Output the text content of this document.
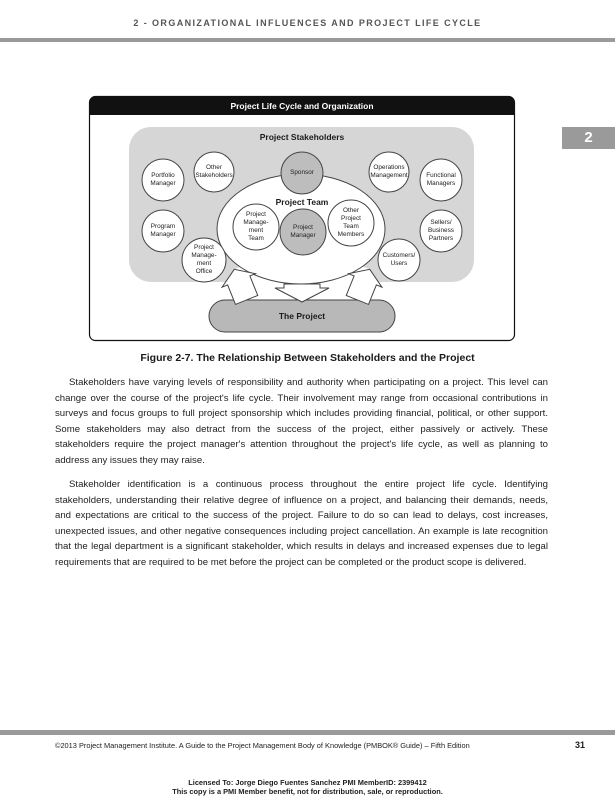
2 - ORGANIZATIONAL INFLUENCES AND PROJECT LIFE CYCLE
2
Project Life Cycle and Organization
Project Stakeholders
Project Team
The Project
Portfolio
Manager
Other
Stakeholders	Sponsor
Operations
Management	Functional
Managers
Program
Manager
Sellers/
Business
Partners
Project
Manage-
ment
Office
Customers/
Users
Project
Manage-
ment
Team
Project
Manager
Other
Project
Team
Members
Figure 2-7. The Relationship Between Stakeholders and the Project

Stakeholders have varying levels of responsibility and authority when participating on a project. This level can change over the course of the project's life cycle. Their involvement may range from occasional contributions in surveys and focus groups to full project sponsorship which includes providing financial, political, or other support. Some stakeholders may also detract from the success of the project, either passively or actively. These stakeholders require the project manager's attention throughout the project's life cycle, as well as planning to address any issues they may raise.

Stakeholder identification is a continuous process throughout the entire project life cycle. Identifying stakeholders, understanding their relative degree of influence on a project, and balancing their demands, needs, and expectations are critical to the success of the project. Failure to do so can lead to delays, cost increases, unexpected issues, and other negative consequences including project cancellation. An example is late recognition that the legal department is a significant stakeholder, which results in delays and increased expenses due to legal requirements that are required to be met before the project can be completed or the product scope is delivered.

©2013 Project Management Institute. A Guide to the Project Management Body of Knowledge (PMBOK® Guide) – Fifth Edition	31
Licensed To: Jorge Diego Fuentes Sanchez PMI MemberID: 2399412
This copy is a PMI Member benefit, not for distribution, sale, or reproduction.
